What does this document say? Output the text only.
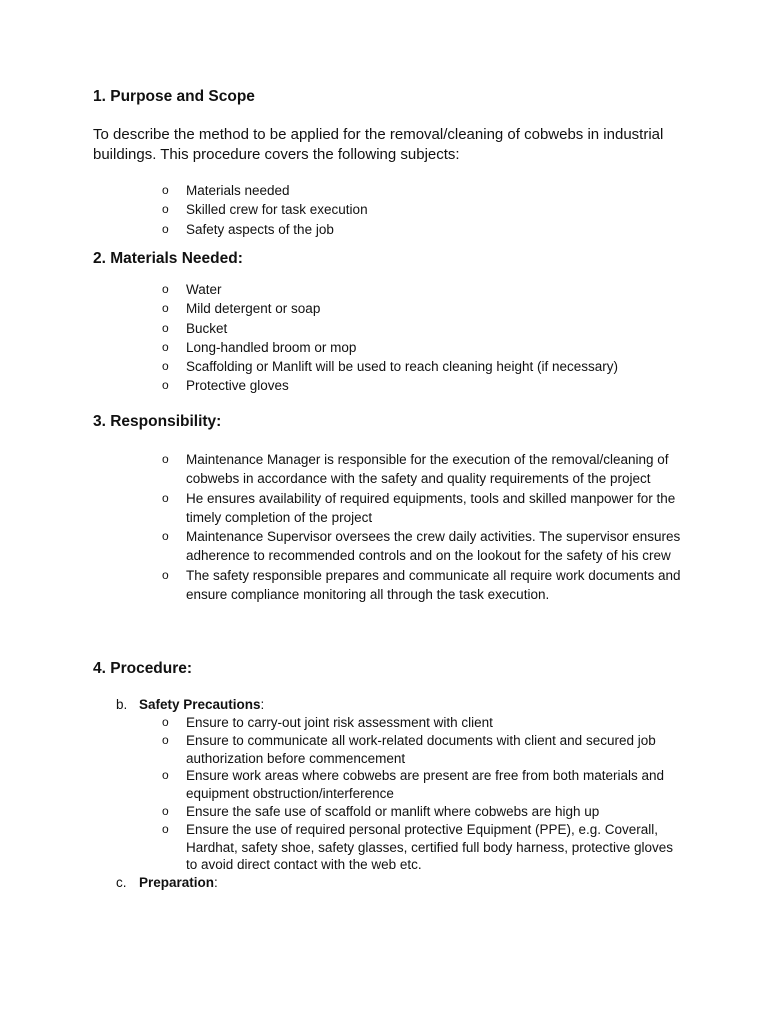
1. Purpose and Scope

To describe the method to be applied for the removal/cleaning of cobwebs in industrial buildings. This procedure covers the following subjects:

o Materials needed
o Skilled crew for task execution
o Safety aspects of the job
2. Materials Needed:
o Water
o Mild detergent or soap
o Bucket
o Long-handled broom or mop
o Scaffolding or Manlift will be used to reach cleaning height (if necessary)
o Protective gloves
3. Responsibility:
o Maintenance Manager is responsible for the execution of the removal/cleaning of cobwebs in accordance with the safety and quality requirements of the project
o He ensures availability of required equipments, tools and skilled manpower for the timely completion of the project
o Maintenance Supervisor oversees the crew daily activities. The supervisor ensures adherence to recommended controls and on the lookout for the safety of his crew
o The safety responsible prepares and communicate all require work documents and ensure compliance monitoring all through the task execution.
4. Procedure:
b. Safety Precautions:
o Ensure to carry-out joint risk assessment with client
o Ensure to communicate all work-related documents with client and secured job authorization before commencement
o Ensure work areas where cobwebs are present are free from both materials and equipment obstruction/interference
o Ensure the safe use of scaffold or manlift where cobwebs are high up
o Ensure the use of required personal protective Equipment (PPE), e.g. Coverall, Hardhat, safety shoe, safety glasses, certified full body harness, protective gloves to avoid direct contact with the web etc.
c. Preparation:
